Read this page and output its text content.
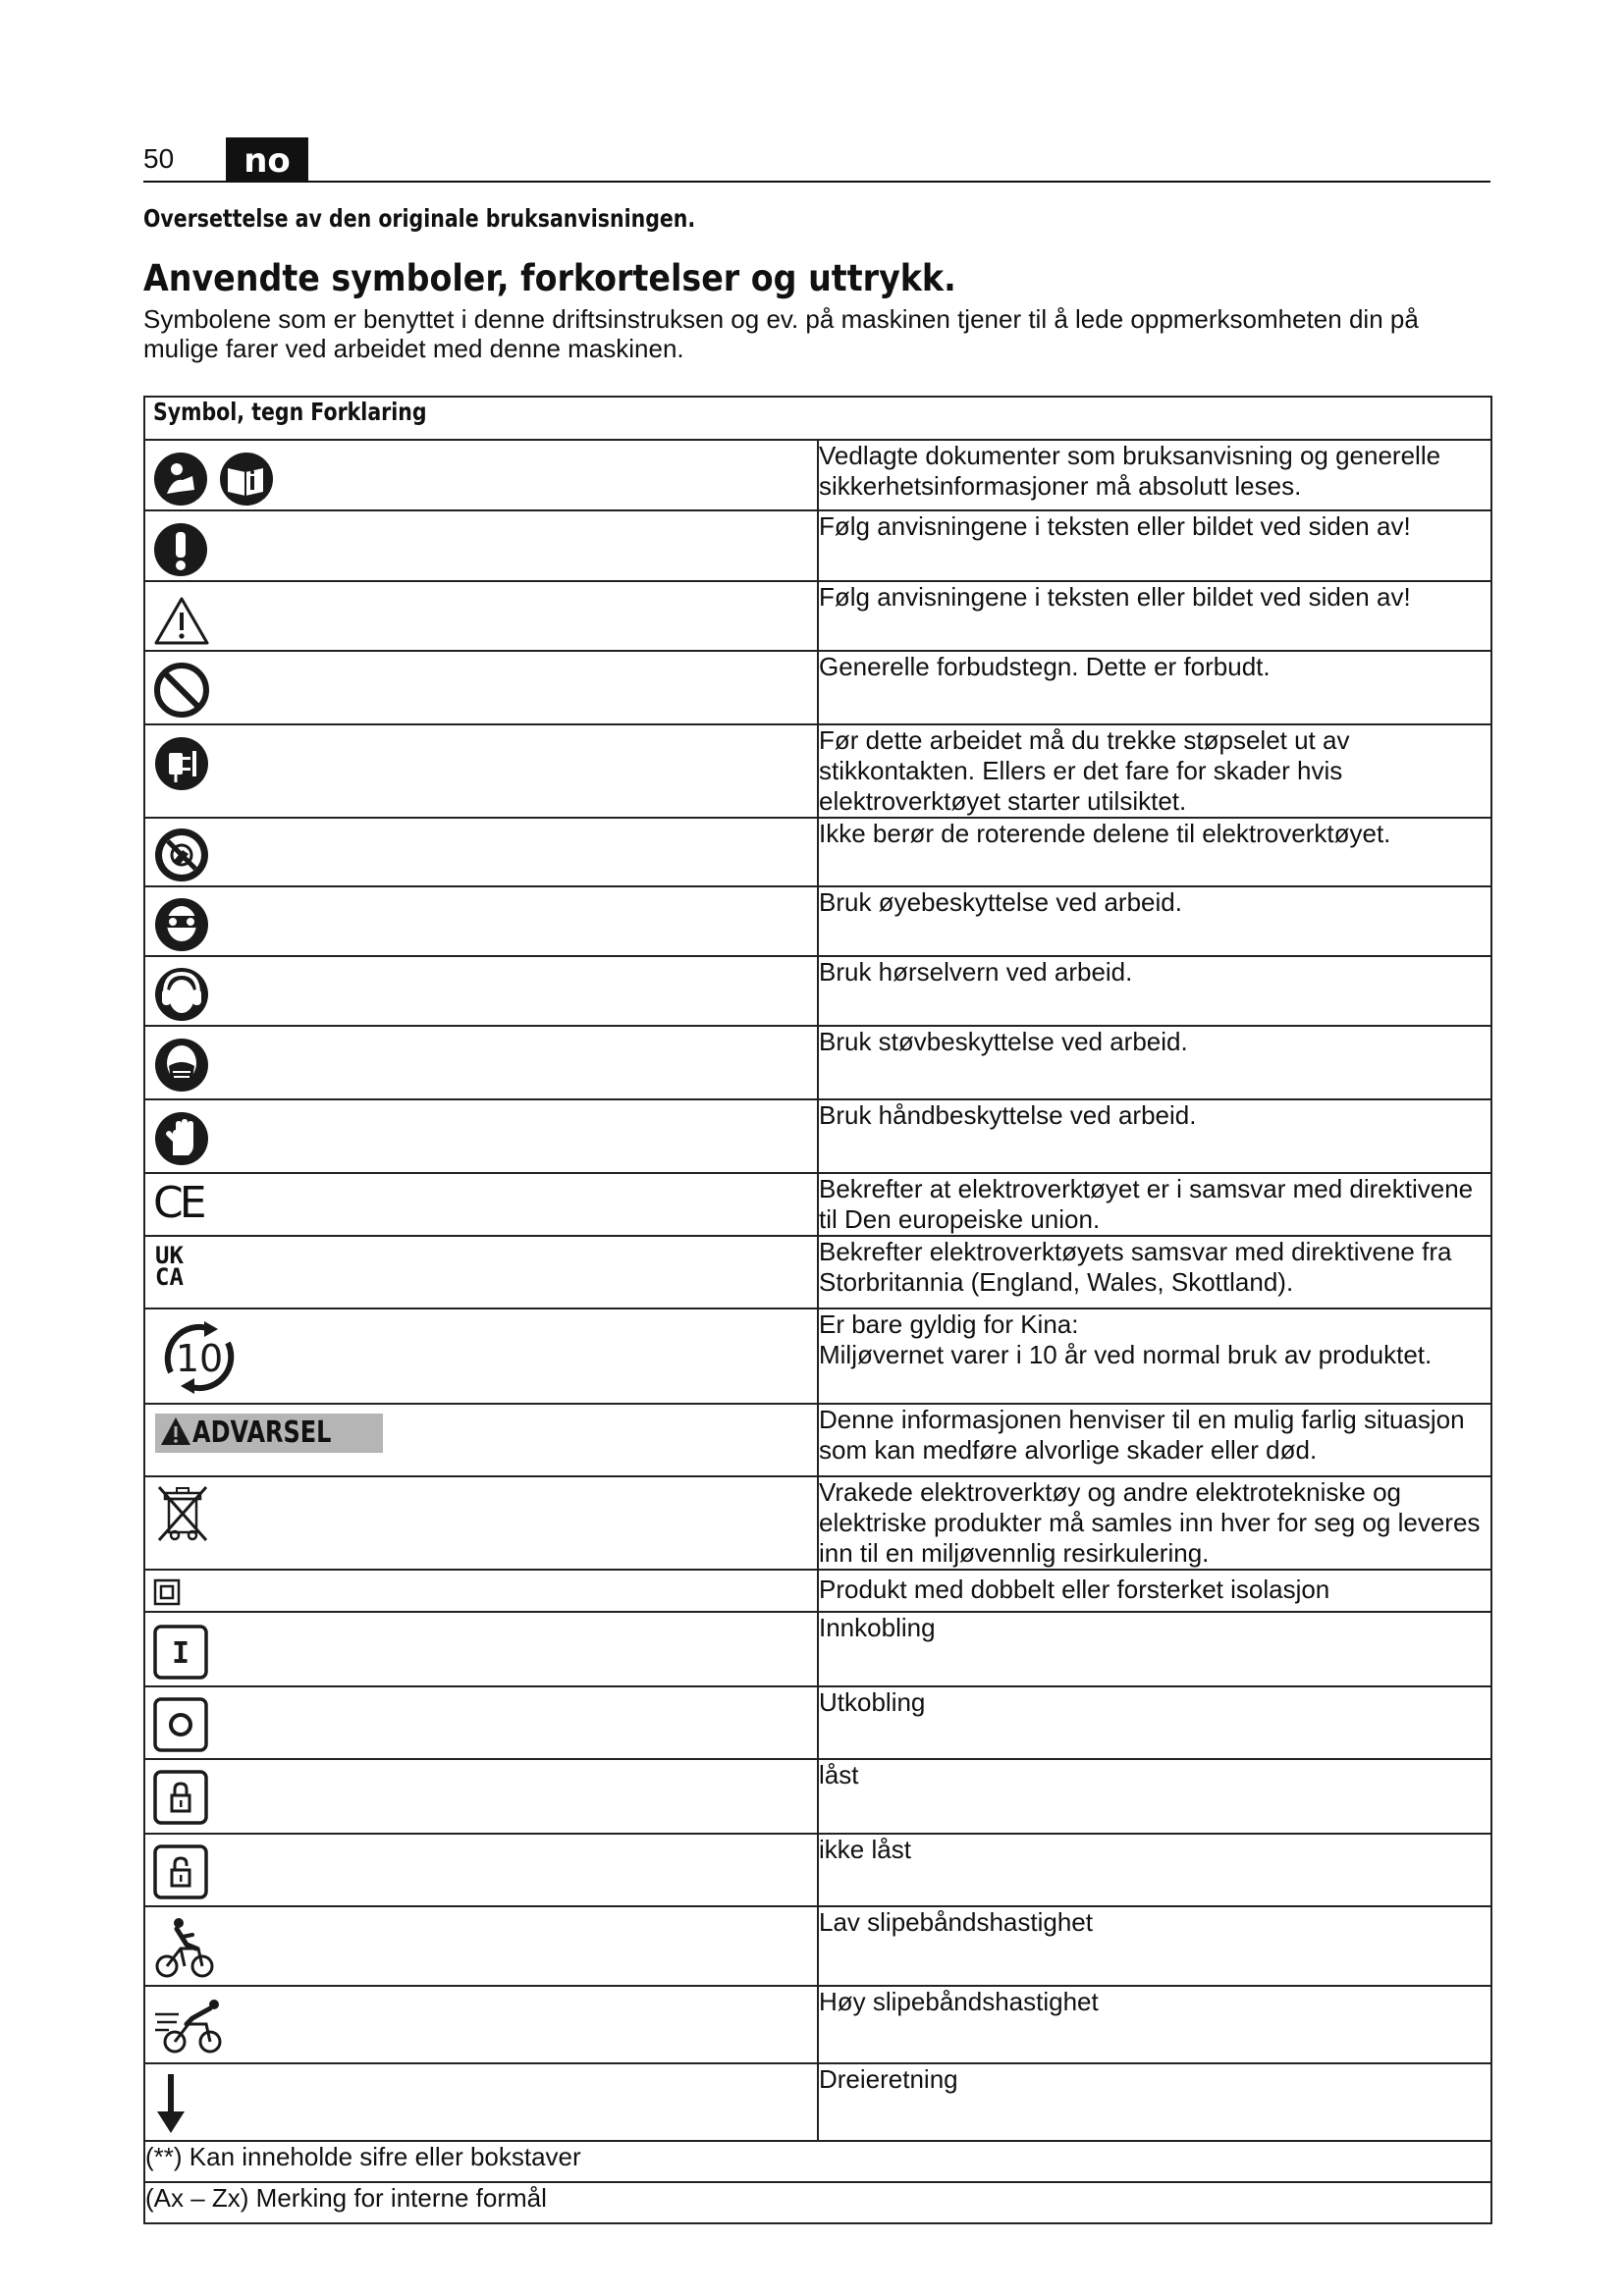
50	no
Oversettelse av den originale bruksanvisningen.
Anvendte symboler, forkortelser og uttrykk.
Symbolene som er benyttet i denne driftsinstruksen og ev. på maskinen tjener til å lede oppmerksomheten din på mulige farer ved arbeidet med denne maskinen.
Symbol, tegn Forklaring	

	Vedlagte dokumenter som bruksanvisning og generelle sikkerhetsinformasjoner må absolutt leses.

	Følg anvisningene i teksten eller bildet ved siden av!

	Følg anvisningene i teksten eller bildet ved siden av!

	Generelle forbudstegn. Dette er forbudt.

	Før dette arbeidet må du trekke støpselet ut av stikkontakten. Ellers er det fare for skader hvis elektroverktøyet starter utilsiktet.

	Ikke berør de roterende delene til elektroverktøyet.

	Bruk øyebeskyttelse ved arbeid.

	Bruk hørselvern ved arbeid.

	Bruk støvbeskyttelse ved arbeid.

	Bruk håndbeskyttelse ved arbeid.

CE	Bekrefter at elektroverktøyet er i samsvar med direktivene til Den europeiske union.

UK
CA	Bekrefter elektroverktøyets samsvar med direktivene fra Storbritannia (England, Wales, Skottland).

10	Er bare gyldig for Kina:
Miljøvernet varer i 10 år ved normal bruk av produktet.

ADVARSEL	Denne informasjonen henviser til en mulig farlig situasjon som kan medføre alvorlige skader eller død.

	Vrakede elektroverktøy og andre elektrotekniske og elektriske produkter må samles inn hver for seg og leveres inn til en miljøvennlig resirkulering.

	Produkt med dobbelt eller forsterket isolasjon

I	Innkobling

	Utkobling

	låst

	ikke låst

	Lav slipebåndshastighet

	Høy slipebåndshastighet

	Dreieretning
(**) Kan inneholde sifre eller bokstaver	
(Ax – Zx) Merking for interne formål	
